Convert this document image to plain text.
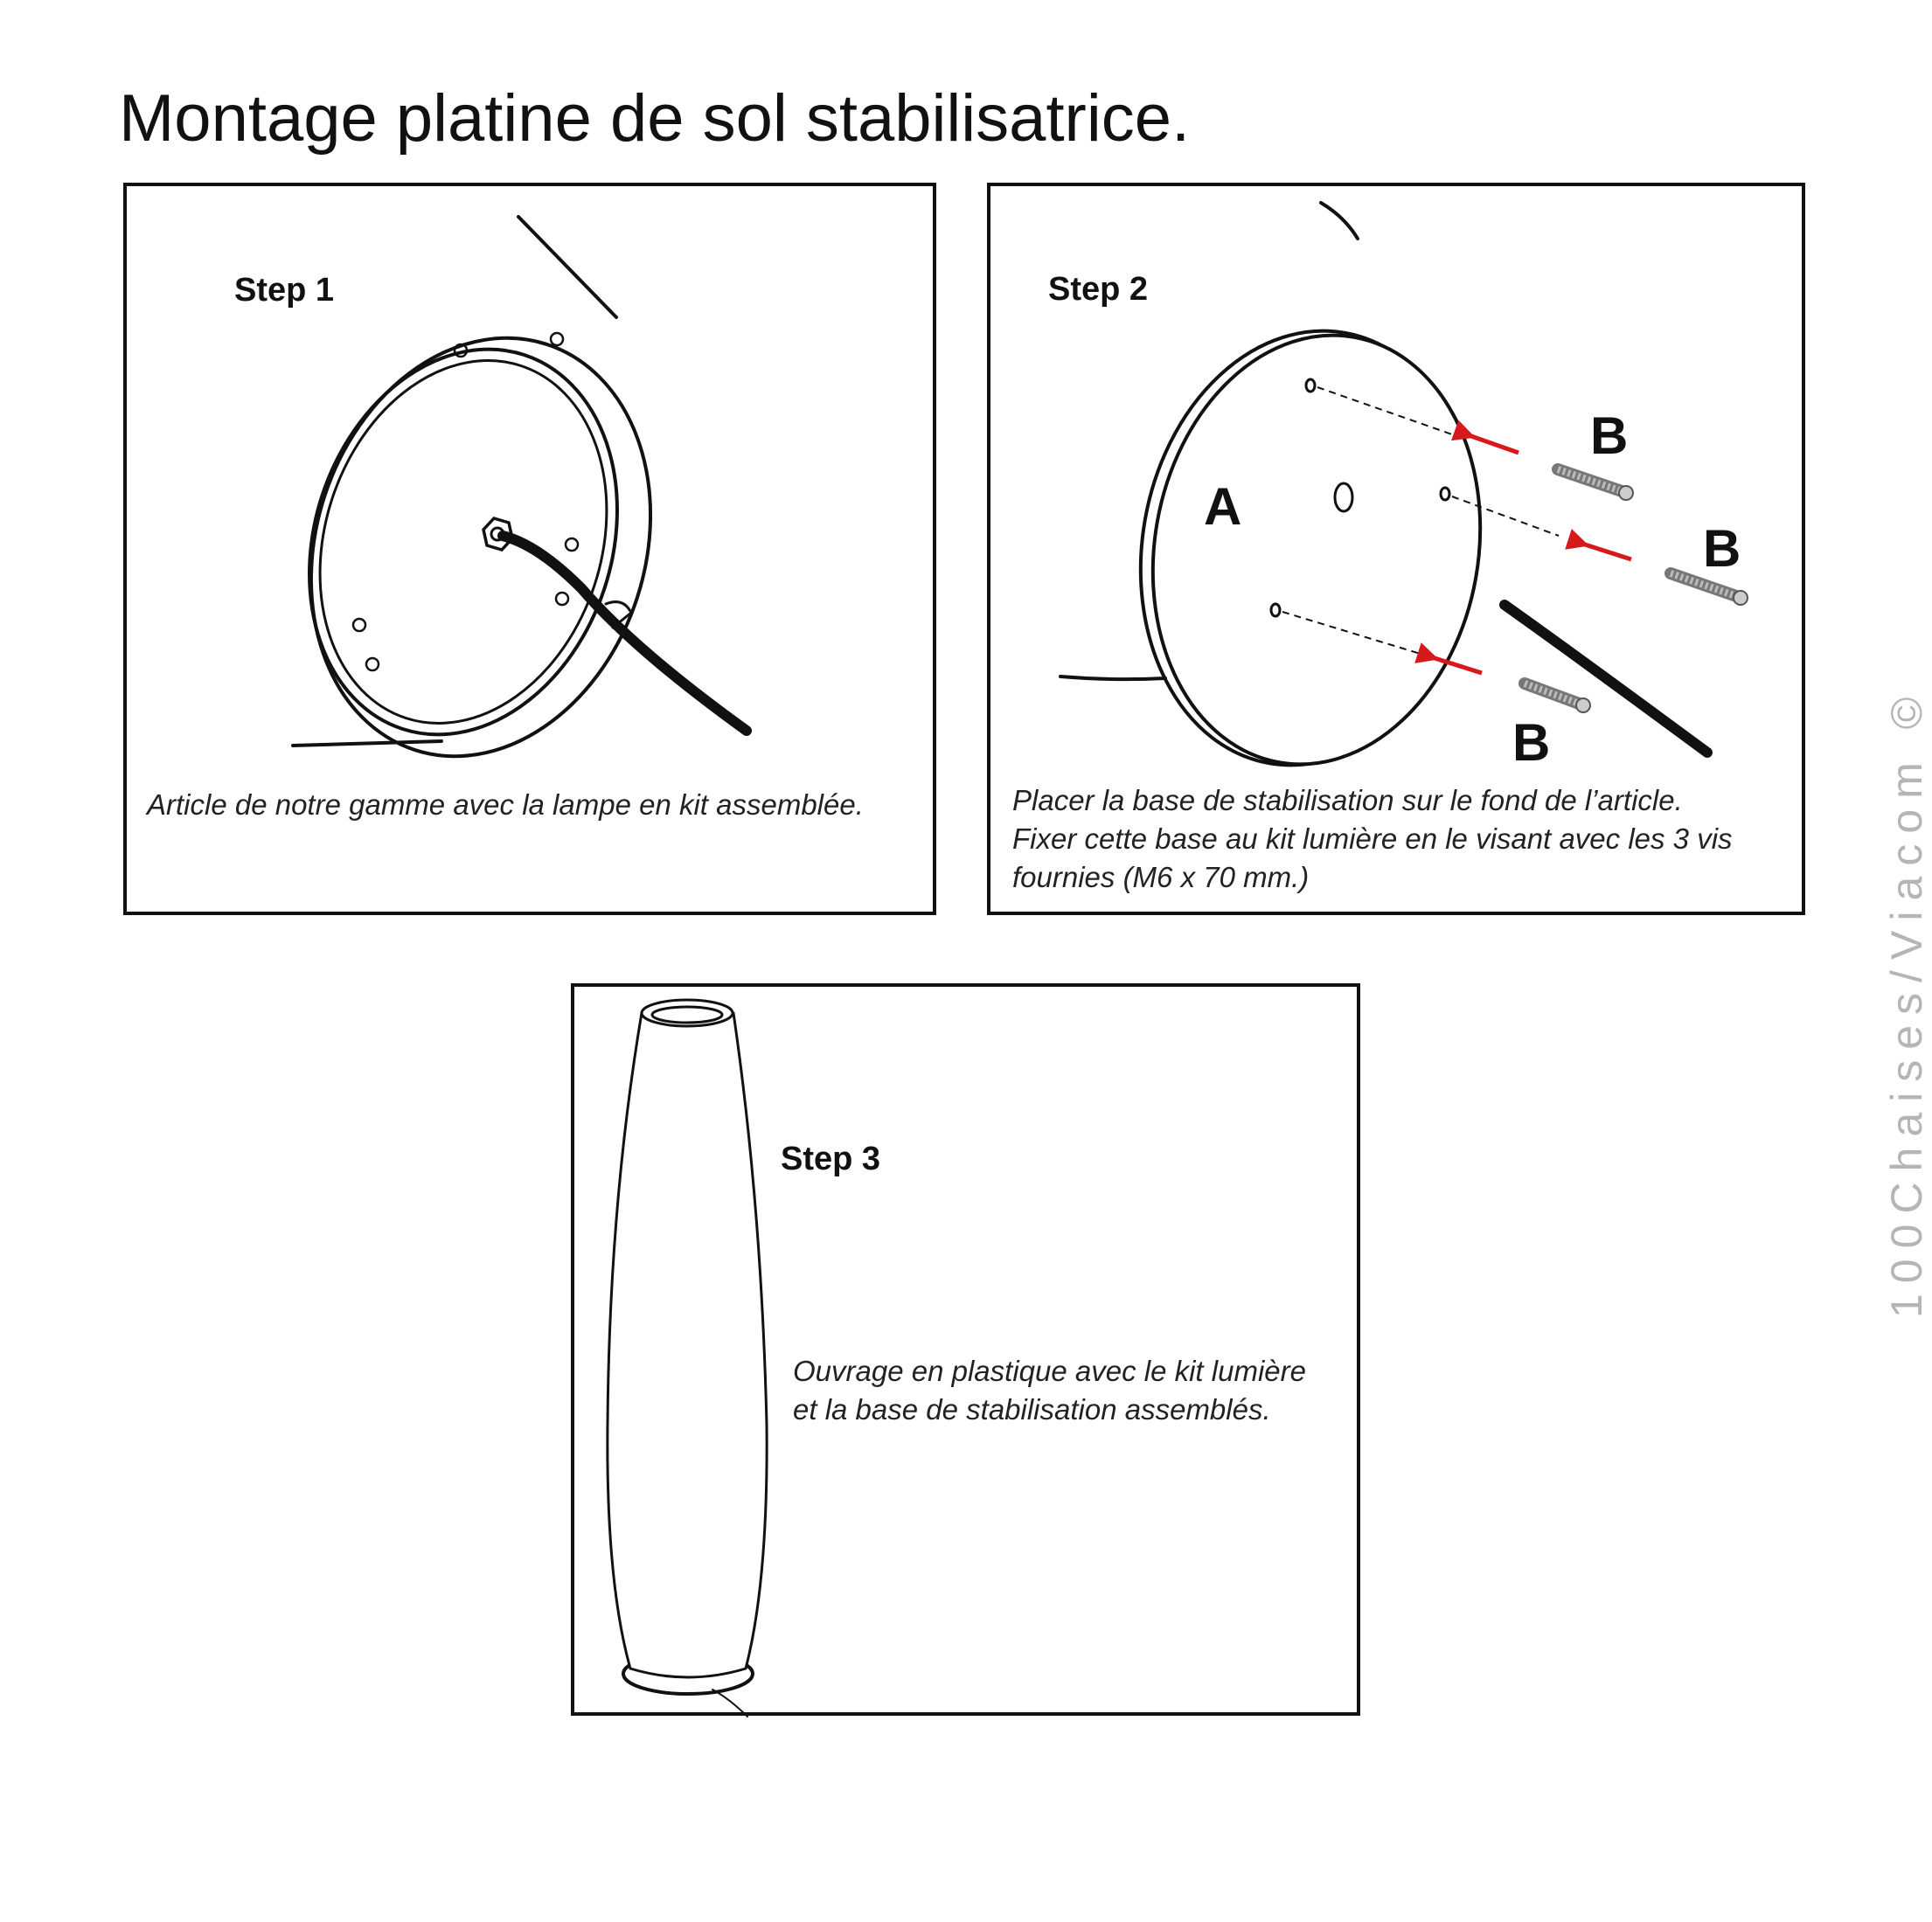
Montage platine de sol stabilisatrice.
Step 1
Article de notre gamme avec la lampe en kit assemblée.
Step 2
A
B
B
B
Placer la base de stabilisation sur le fond de l’article.
Fixer cette base au kit lumière en le visant avec les 3 vis
fournies (M6 x 70 mm.)
Step 3
Ouvrage en plastique avec le kit lumière
et la base de stabilisation assemblés.
100Chaises/Viacom ©
